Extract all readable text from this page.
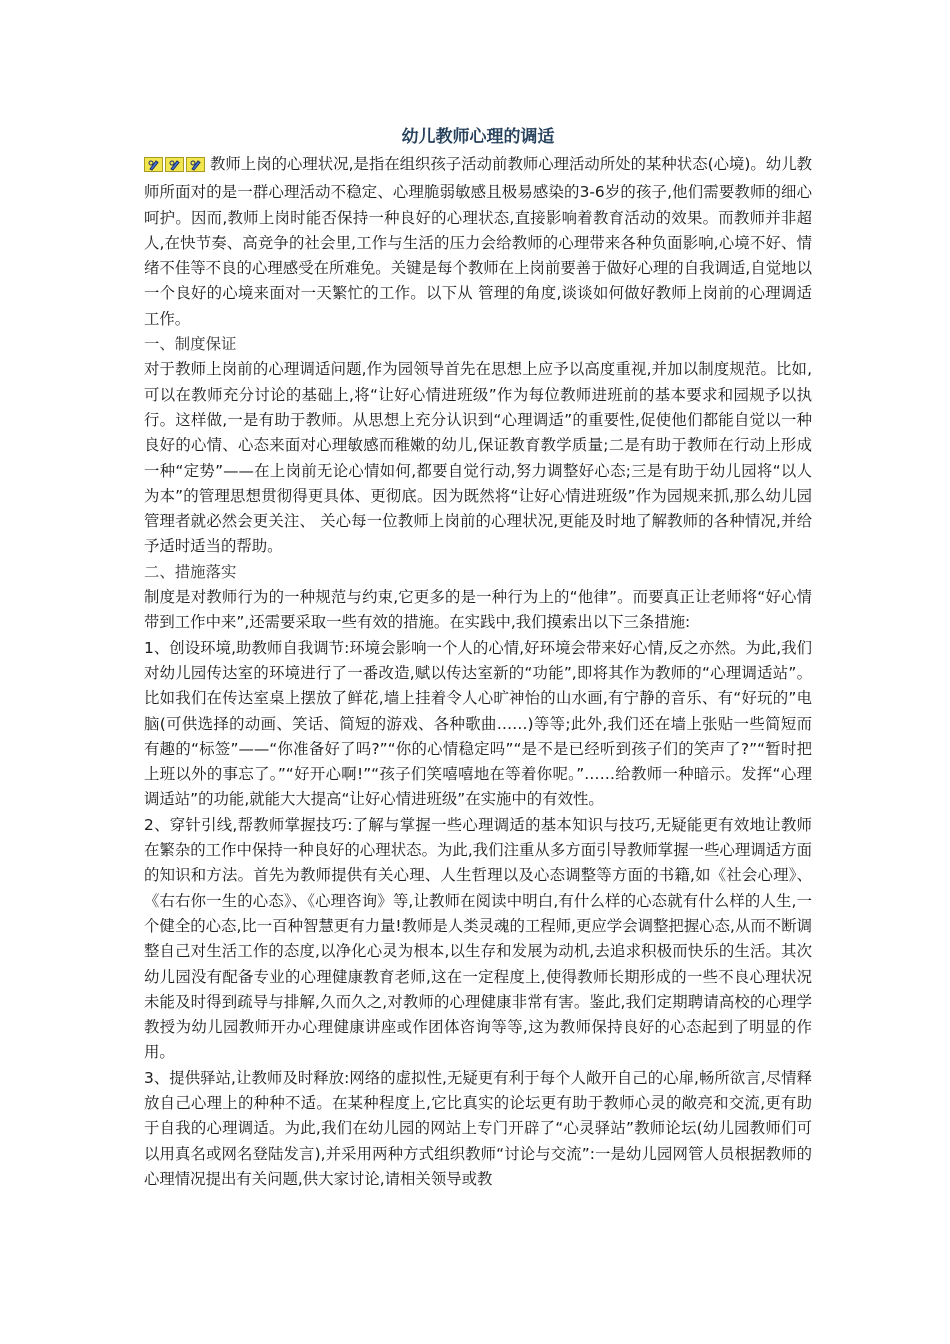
幼儿教师心理的调适

教师上岗的心理状况,是指在组织孩子活动前教师心理活动所处的某种状态(心境)。幼儿教师所面对的是一群心理活动不稳定、心理脆弱敏感且极易感染的3-6岁的孩子,他们需要教师的细心呵护。因而,教师上岗时能否保持一种良好的心理状态,直接影响着教育活动的效果。而教师并非超人,在快节奏、高竞争的社会里,工作与生活的压力会给教师的心理带来各种负面影响,心境不好、情绪不佳等不良的心理感受在所难免。关键是每个教师在上岗前要善于做好心理的自我调适,自觉地以一个良好的心境来面对一天繁忙的工作。以下从 管理的角度,谈谈如何做好教师上岗前的心理调适工作。

一、制度保证

对于教师上岗前的心理调适问题,作为园领导首先在思想上应予以高度重视,并加以制度规范。比如,可以在教师充分讨论的基础上,将“让好心情进班级”作为每位教师进班前的基本要求和园规予以执行。这样做,一是有助于教师。从思想上充分认识到“心理调适”的重要性,促使他们都能自觉以一种良好的心情、心态来面对心理敏感而稚嫩的幼儿,保证教育教学质量;二是有助于教师在行动上形成一种“定势”——在上岗前无论心情如何,都要自觉行动,努力调整好心态;三是有助于幼儿园将“以人为本”的管理思想贯彻得更具体、更彻底。因为既然将“让好心情进班级”作为园规来抓,那么幼儿园管理者就必然会更关注、 关心每一位教师上岗前的心理状况,更能及时地了解教师的各种情况,并给予适时适当的帮助。

二、措施落实

制度是对教师行为的一种规范与约束,它更多的是一种行为上的“他律”。而要真正让老师将“好心情带到工作中来”,还需要采取一些有效的措施。在实践中,我们摸索出以下三条措施:

1、创设环境,助教师自我调节:环境会影响一个人的心情,好环境会带来好心情,反之亦然。为此,我们对幼儿园传达室的环境进行了一番改造,赋以传达室新的“功能”,即将其作为教师的“心理调适站”。比如我们在传达室桌上摆放了鲜花,墙上挂着令人心旷神怡的山水画,有宁静的音乐、有“好玩的”电脑(可供选择的动画、笑话、简短的游戏、各种歌曲……)等等;此外,我们还在墙上张贴一些简短而有趣的“标签”——“你准备好了吗?”“你的心情稳定吗”“是不是已经听到孩子们的笑声了?”“暂时把上班以外的事忘了。”“好开心啊!”“孩子们笑嘻嘻地在等着你呢。”……给教师一种暗示。发挥“心理调适站”的功能,就能大大提高“让好心情进班级”在实施中的有效性。

2、穿针引线,帮教师掌握技巧:了解与掌握一些心理调适的基本知识与技巧,无疑能更有效地让教师在繁杂的工作中保持一种良好的心理状态。为此,我们注重从多方面引导教师掌握一些心理调适方面的知识和方法。首先为教师提供有关心理、人生哲理以及心态调整等方面的书籍,如《社会心理》、《右右你一生的心态》、《心理咨询》等,让教师在阅读中明白,有什么样的心态就有什么样的人生,一个健全的心态,比一百种智慧更有力量!教师是人类灵魂的工程师,更应学会调整把握心态,从而不断调整自己对生活工作的态度,以净化心灵为根本,以生存和发展为动机,去追求积极而快乐的生活。其次幼儿园没有配备专业的心理健康教育老师,这在一定程度上,使得教师长期形成的一些不良心理状况未能及时得到疏导与排解,久而久之,对教师的心理健康非常有害。鉴此,我们定期聘请高校的心理学教授为幼儿园教师开办心理健康讲座或作团体咨询等等,这为教师保持良好的心态起到了明显的作用。

3、提供驿站,让教师及时释放:网络的虚拟性,无疑更有利于每个人敞开自己的心扉,畅所欲言,尽情释放自己心理上的种种不适。在某种程度上,它比真实的论坛更有助于教师心灵的敞亮和交流,更有助于自我的心理调适。为此,我们在幼儿园的网站上专门开辟了“心灵驿站”教师论坛(幼儿园教师们可以用真名或网名登陆发言),并采用两种方式组织教师“讨论与交流”:一是幼儿园网管人员根据教师的心理情况提出有关问题,供大家讨论,请相关领导或教
